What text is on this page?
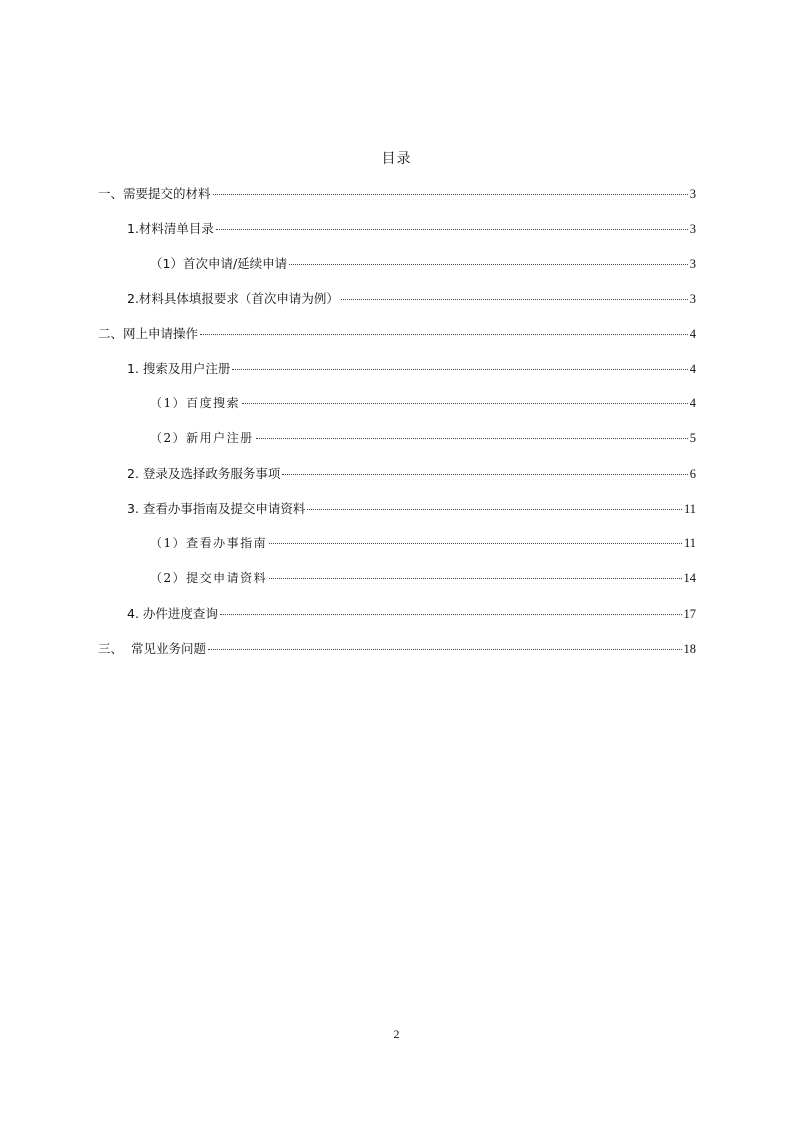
目录
一、需要提交的材料	3
1.材料清单目录	3
（1）首次申请/延续申请	3
2.材料具体填报要求（首次申请为例）	3
二、网上申请操作	4
1. 搜索及用户注册	4
（1）百度搜索	4
（2）新用户注册	5
2. 登录及选择政务服务事项	6
3. 查看办事指南及提交申请资料	11
（1）查看办事指南	11
（2）提交申请资料	14
4. 办件进度查询	17
三、  常见业务问题	18
2
